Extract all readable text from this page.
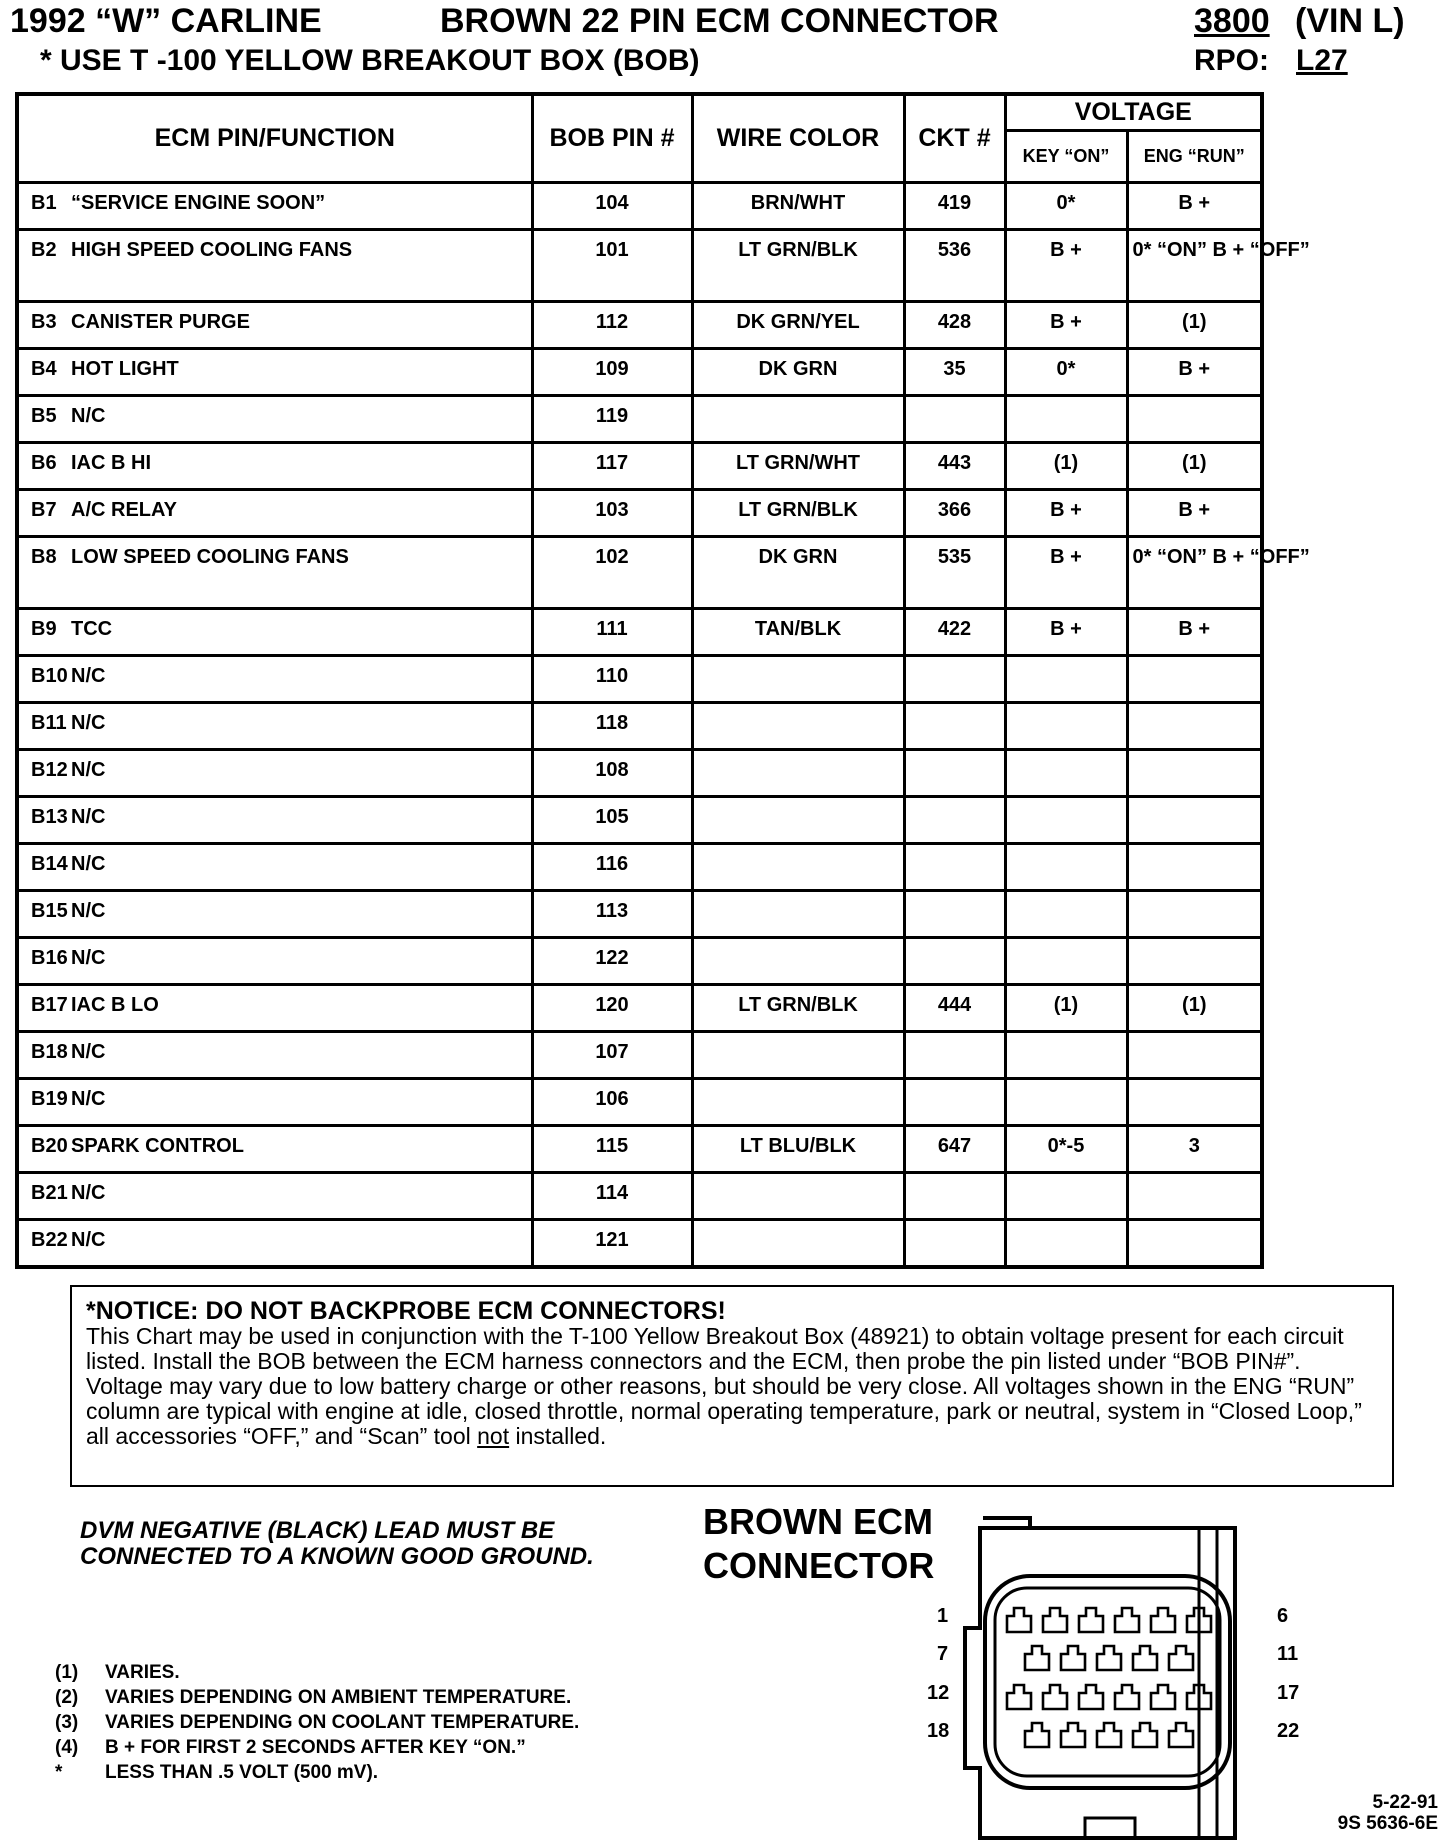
1992 “W” CARLINE	BROWN 22 PIN ECM CONNECTOR	3800 (VIN L)
* USE T -100 YELLOW BREAKOUT BOX (BOB)	RPO: L27
ECM PIN/FUNCTION	BOB PIN #	WIRE COLOR	CKT #	VOLTAGE	
				KEY “ON”	ENG “RUN”
B1 “SERVICE ENGINE SOON”	104	BRN/WHT	419	0*	B +
B2 HIGH SPEED COOLING FANS	101	LT GRN/BLK	536	B +	0* “ON” B + “OFF”
B3 CANISTER PURGE	112	DK GRN/YEL	428	B +	(1)
B4 HOT LIGHT	109	DK GRN	35	0*	B +
B5 N/C	119				
B6 IAC B HI	117	LT GRN/WHT	443	(1)	(1)
B7 A/C RELAY	103	LT GRN/BLK	366	B +	B +
B8 LOW SPEED COOLING FANS	102	DK GRN	535	B +	0* “ON” B + “OFF”
B9 TCC	111	TAN/BLK	422	B +	B +
B10 N/C	110				
B11 N/C	118				
B12 N/C	108				
B13 N/C	105				
B14 N/C	116				
B15 N/C	113				
B16 N/C	122				
B17 IAC B LO	120	LT GRN/BLK	444	(1)	(1)
B18 N/C	107				
B19 N/C	106				
B20 SPARK CONTROL	115	LT BLU/BLK	647	0*-5	3
B21 N/C	114				
B22 N/C	121				
*NOTICE: DO NOT BACKPROBE ECM CONNECTORS!
This Chart may be used in conjunction with the T-100 Yellow Breakout Box (48921) to obtain voltage present for each circuit listed. Install the BOB between the ECM harness connectors and the ECM, then probe the pin listed under “BOB PIN#”. Voltage may vary due to low battery charge or other reasons, but should be very close. All voltages shown in the ENG “RUN” column are typical with engine at idle, closed throttle, normal operating temperature, park or neutral, system in “Closed Loop,” all accessories “OFF,” and “Scan” tool not installed.
DVM NEGATIVE (BLACK) LEAD MUST BE
CONNECTED TO A KNOWN GOOD GROUND.
BROWN ECM
CONNECTOR
(1)	VARIES.
(2)	VARIES DEPENDING ON AMBIENT TEMPERATURE.
(3)	VARIES DEPENDING ON COOLANT TEMPERATURE.
(4)	B + FOR FIRST 2 SECONDS AFTER KEY “ON.”
*	LESS THAN .5 VOLT (500 mV).
1
7
12
18
6
11
17
22
5-22-91
9S 5636-6E
